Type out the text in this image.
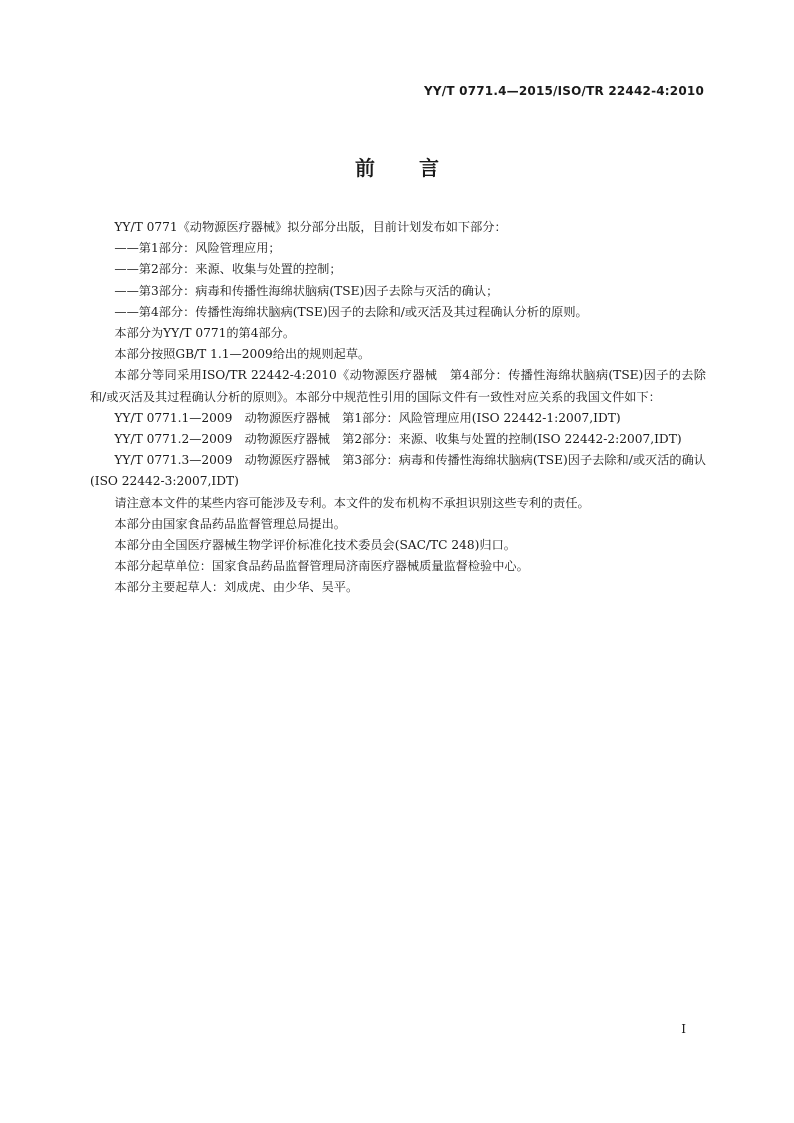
YY/T 0771.4—2015/ISO/TR 22442-4:2010
前言

YY/T 0771《动物源医疗器械》拟分部分出版，目前计划发布如下部分：

——第1部分：风险管理应用；

——第2部分：来源、收集与处置的控制；

——第3部分：病毒和传播性海绵状脑病(TSE)因子去除与灭活的确认；

——第4部分：传播性海绵状脑病(TSE)因子的去除和/或灭活及其过程确认分析的原则。

本部分为YY/T 0771的第4部分。

本部分按照GB/T 1.1—2009给出的规则起草。

本部分等同采用ISO/TR 22442-4:2010《动物源医疗器械　第4部分：传播性海绵状脑病(TSE)因子的去除和/或灭活及其过程确认分析的原则》。本部分中规范性引用的国际文件有一致性对应关系的我国文件如下：

YY/T 0771.1—2009　动物源医疗器械　第1部分：风险管理应用(ISO 22442-1:2007,IDT)

YY/T 0771.2—2009　动物源医疗器械　第2部分：来源、收集与处置的控制(ISO 22442-2:2007,IDT)

YY/T 0771.3—2009　动物源医疗器械　第3部分：病毒和传播性海绵状脑病(TSE)因子去除和/或灭活的确认(ISO 22442-3:2007,IDT)

请注意本文件的某些内容可能涉及专利。本文件的发布机构不承担识别这些专利的责任。

本部分由国家食品药品监督管理总局提出。

本部分由全国医疗器械生物学评价标准化技术委员会(SAC/TC 248)归口。

本部分起草单位：国家食品药品监督管理局济南医疗器械质量监督检验中心。

本部分主要起草人：刘成虎、由少华、吴平。

I
